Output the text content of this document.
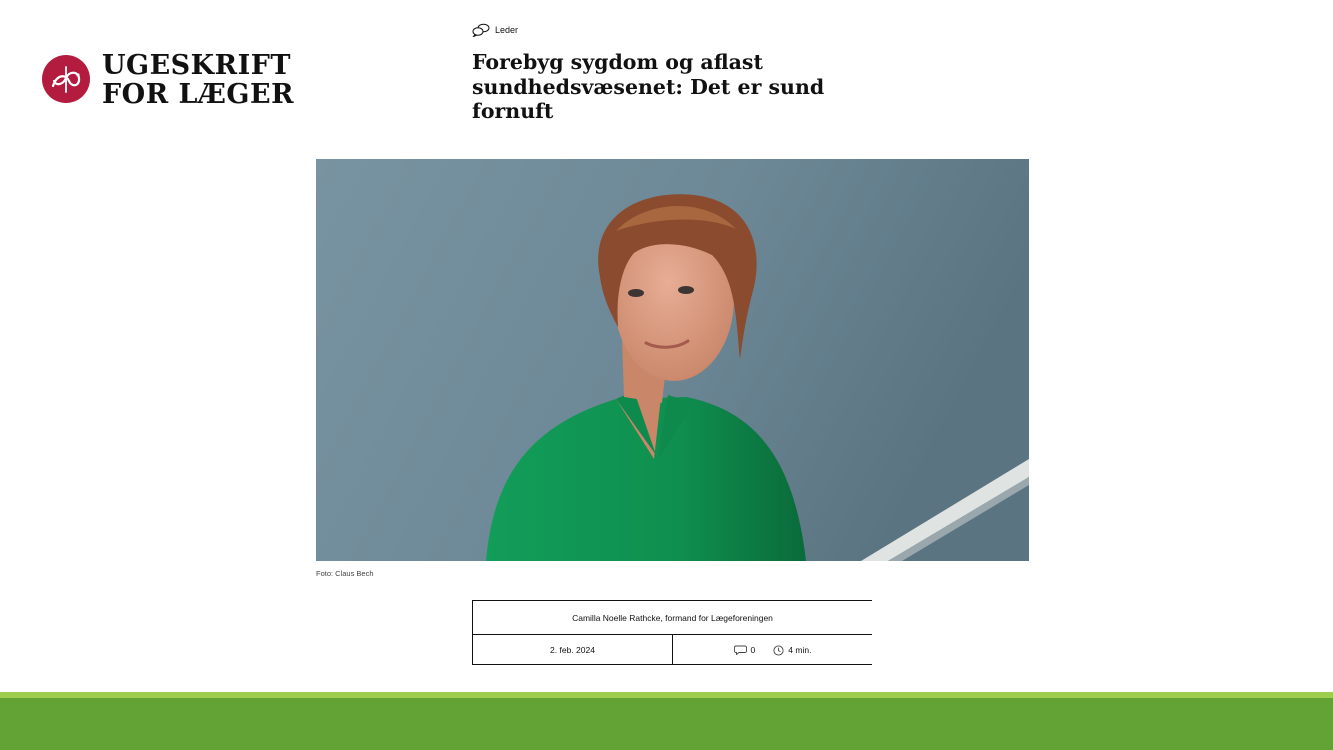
UGESKRIFT
FOR LÆGER
Leder
Forebyg sygdom og aflast sundhedsvæsenet: Det er sund fornuft
Foto: Claus Bech
Camilla Noelle Rathcke, formand for Lægeforeningen
2. feb. 2024	0	4 min.
